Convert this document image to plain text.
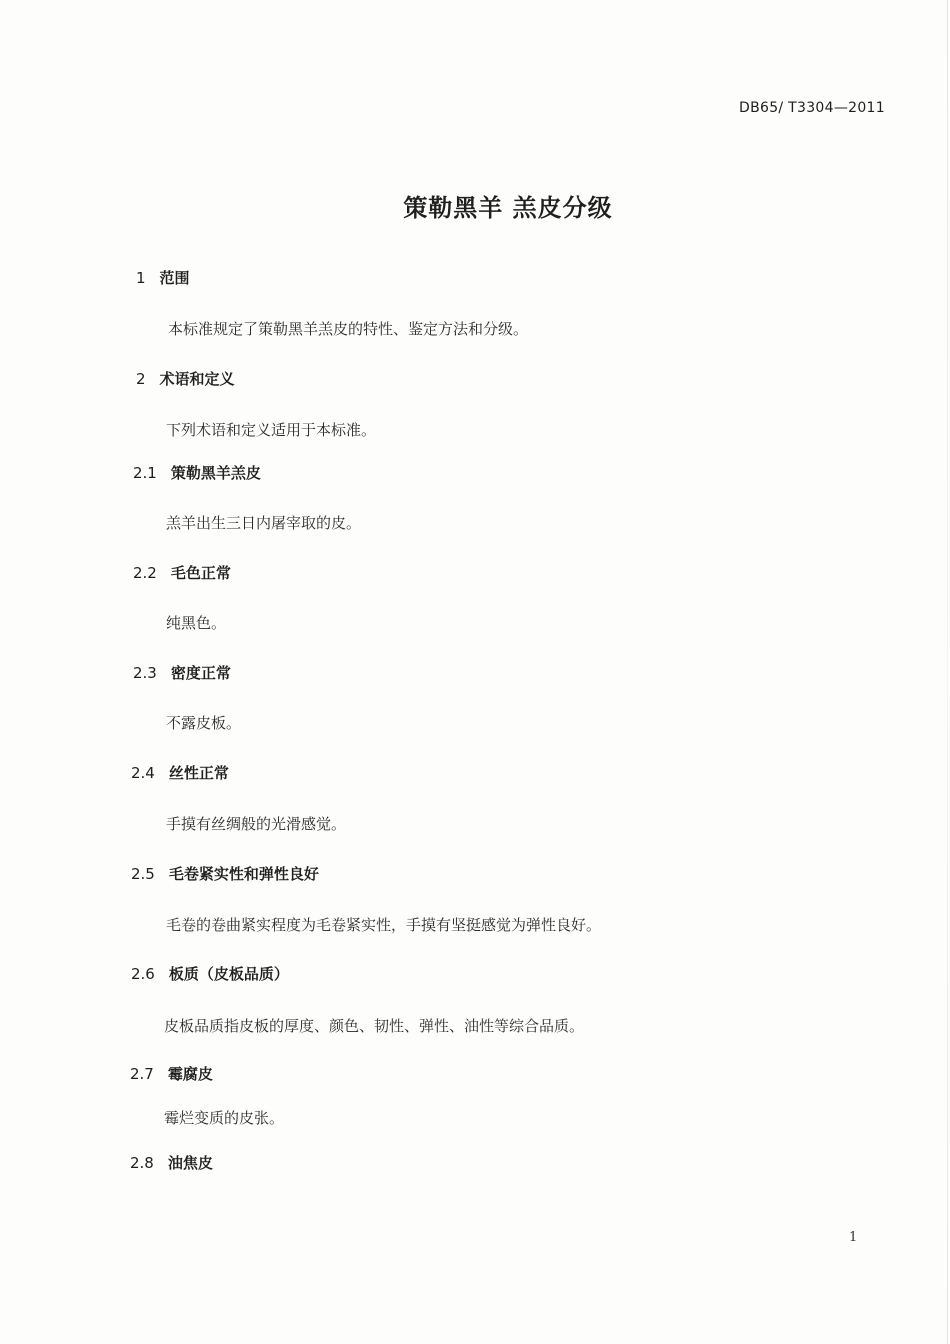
DB65/ T3304—2011
策勒黑羊 羔皮分级
1 范围
本标准规定了策勒黑羊羔皮的特性、鉴定方法和分级。
2 术语和定义
下列术语和定义适用于本标准。
2.1 策勒黑羊羔皮
羔羊出生三日内屠宰取的皮。
2.2 毛色正常
纯黑色。
2.3 密度正常
不露皮板。
2.4 丝性正常
手摸有丝绸般的光滑感觉。
2.5 毛卷紧实性和弹性良好
毛卷的卷曲紧实程度为毛卷紧实性，手摸有坚挺感觉为弹性良好。
2.6 板质（皮板品质）
皮板品质指皮板的厚度、颜色、韧性、弹性、油性等综合品质。
2.7 霉腐皮
霉烂变质的皮张。
2.8 油焦皮
1
